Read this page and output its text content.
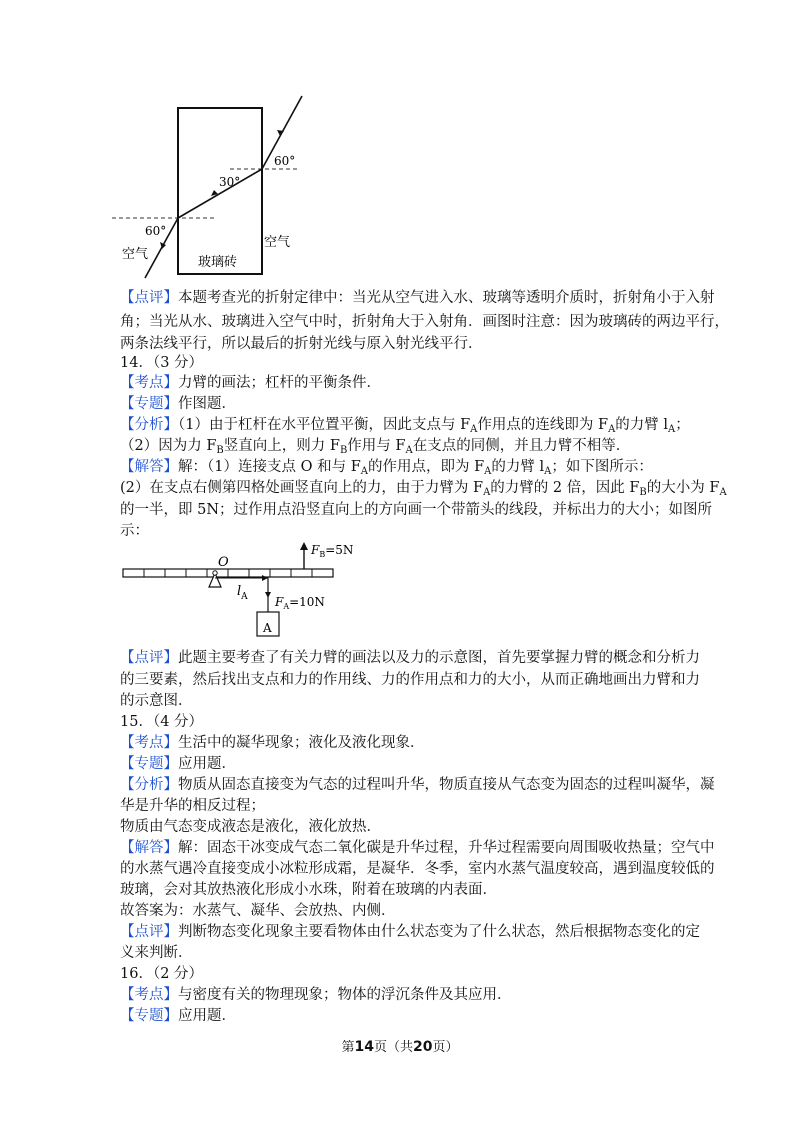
60°
30°
60°
空气
玻璃砖
空气
【点评】本题考查光的折射定律中：当光从空气进入水、玻璃等透明介质时，折射角小于入射
角；当光从水、玻璃进入空气中时，折射角大于入射角．画图时注意：因为玻璃砖的两边平行，
两条法线平行，所以最后的折射光线与原入射光线平行．
14．（3 分）
【考点】力臂的画法；杠杆的平衡条件．
【专题】作图题．
【分析】（1）由于杠杆在水平位置平衡，因此支点与 $F_A$作用点的连线即为 $F_A$的力臂 $l_A$；
（2）因为力 $F_B$竖直向上，则力 $F_B$作用与 $F_A$在支点的同侧，并且力臂不相等．
【解答】解：（1）连接支点 O 和与 $F_A$的作用点，即为 $F_A$的力臂 $l_A$；如下图所示：
(2）在支点右侧第四格处画竖直向上的力，由于力臂为 $F_A$的力臂的 2 倍，因此 $F_B$的大小为 $F_A$
的一半，即 5N；过作用点沿竖直向上的方向画一个带箭头的线段，并标出力的大小；如图所
示：
O
$l_A$
$F_B=5N$
$F_A=10N$
A
【点评】此题主要考查了有关力臂的画法以及力的示意图，首先要掌握力臂的概念和分析力
的三要素，然后找出支点和力的作用线、力的作用点和力的大小，从而正确地画出力臂和力
的示意图．
15．（4 分）
【考点】生活中的凝华现象；液化及液化现象．
【专题】应用题．
【分析】物质从固态直接变为气态的过程叫升华，物质直接从气态变为固态的过程叫凝华，凝
华是升华的相反过程；
物质由气态变成液态是液化，液化放热．
【解答】解：固态干冰变成气态二氧化碳是升华过程，升华过程需要向周围吸收热量；空气中
的水蒸气遇冷直接变成小冰粒形成霜，是凝华．冬季，室内水蒸气温度较高，遇到温度较低的
玻璃，会对其放热液化形成小水珠，附着在玻璃的内表面．
故答案为：水蒸气、凝华、会放热、内侧．
【点评】判断物态变化现象主要看物体由什么状态变为了什么状态，然后根据物态变化的定
义来判断．
16．（2 分）
【考点】与密度有关的物理现象；物体的浮沉条件及其应用．
【专题】应用题．
第14页（共20页）
